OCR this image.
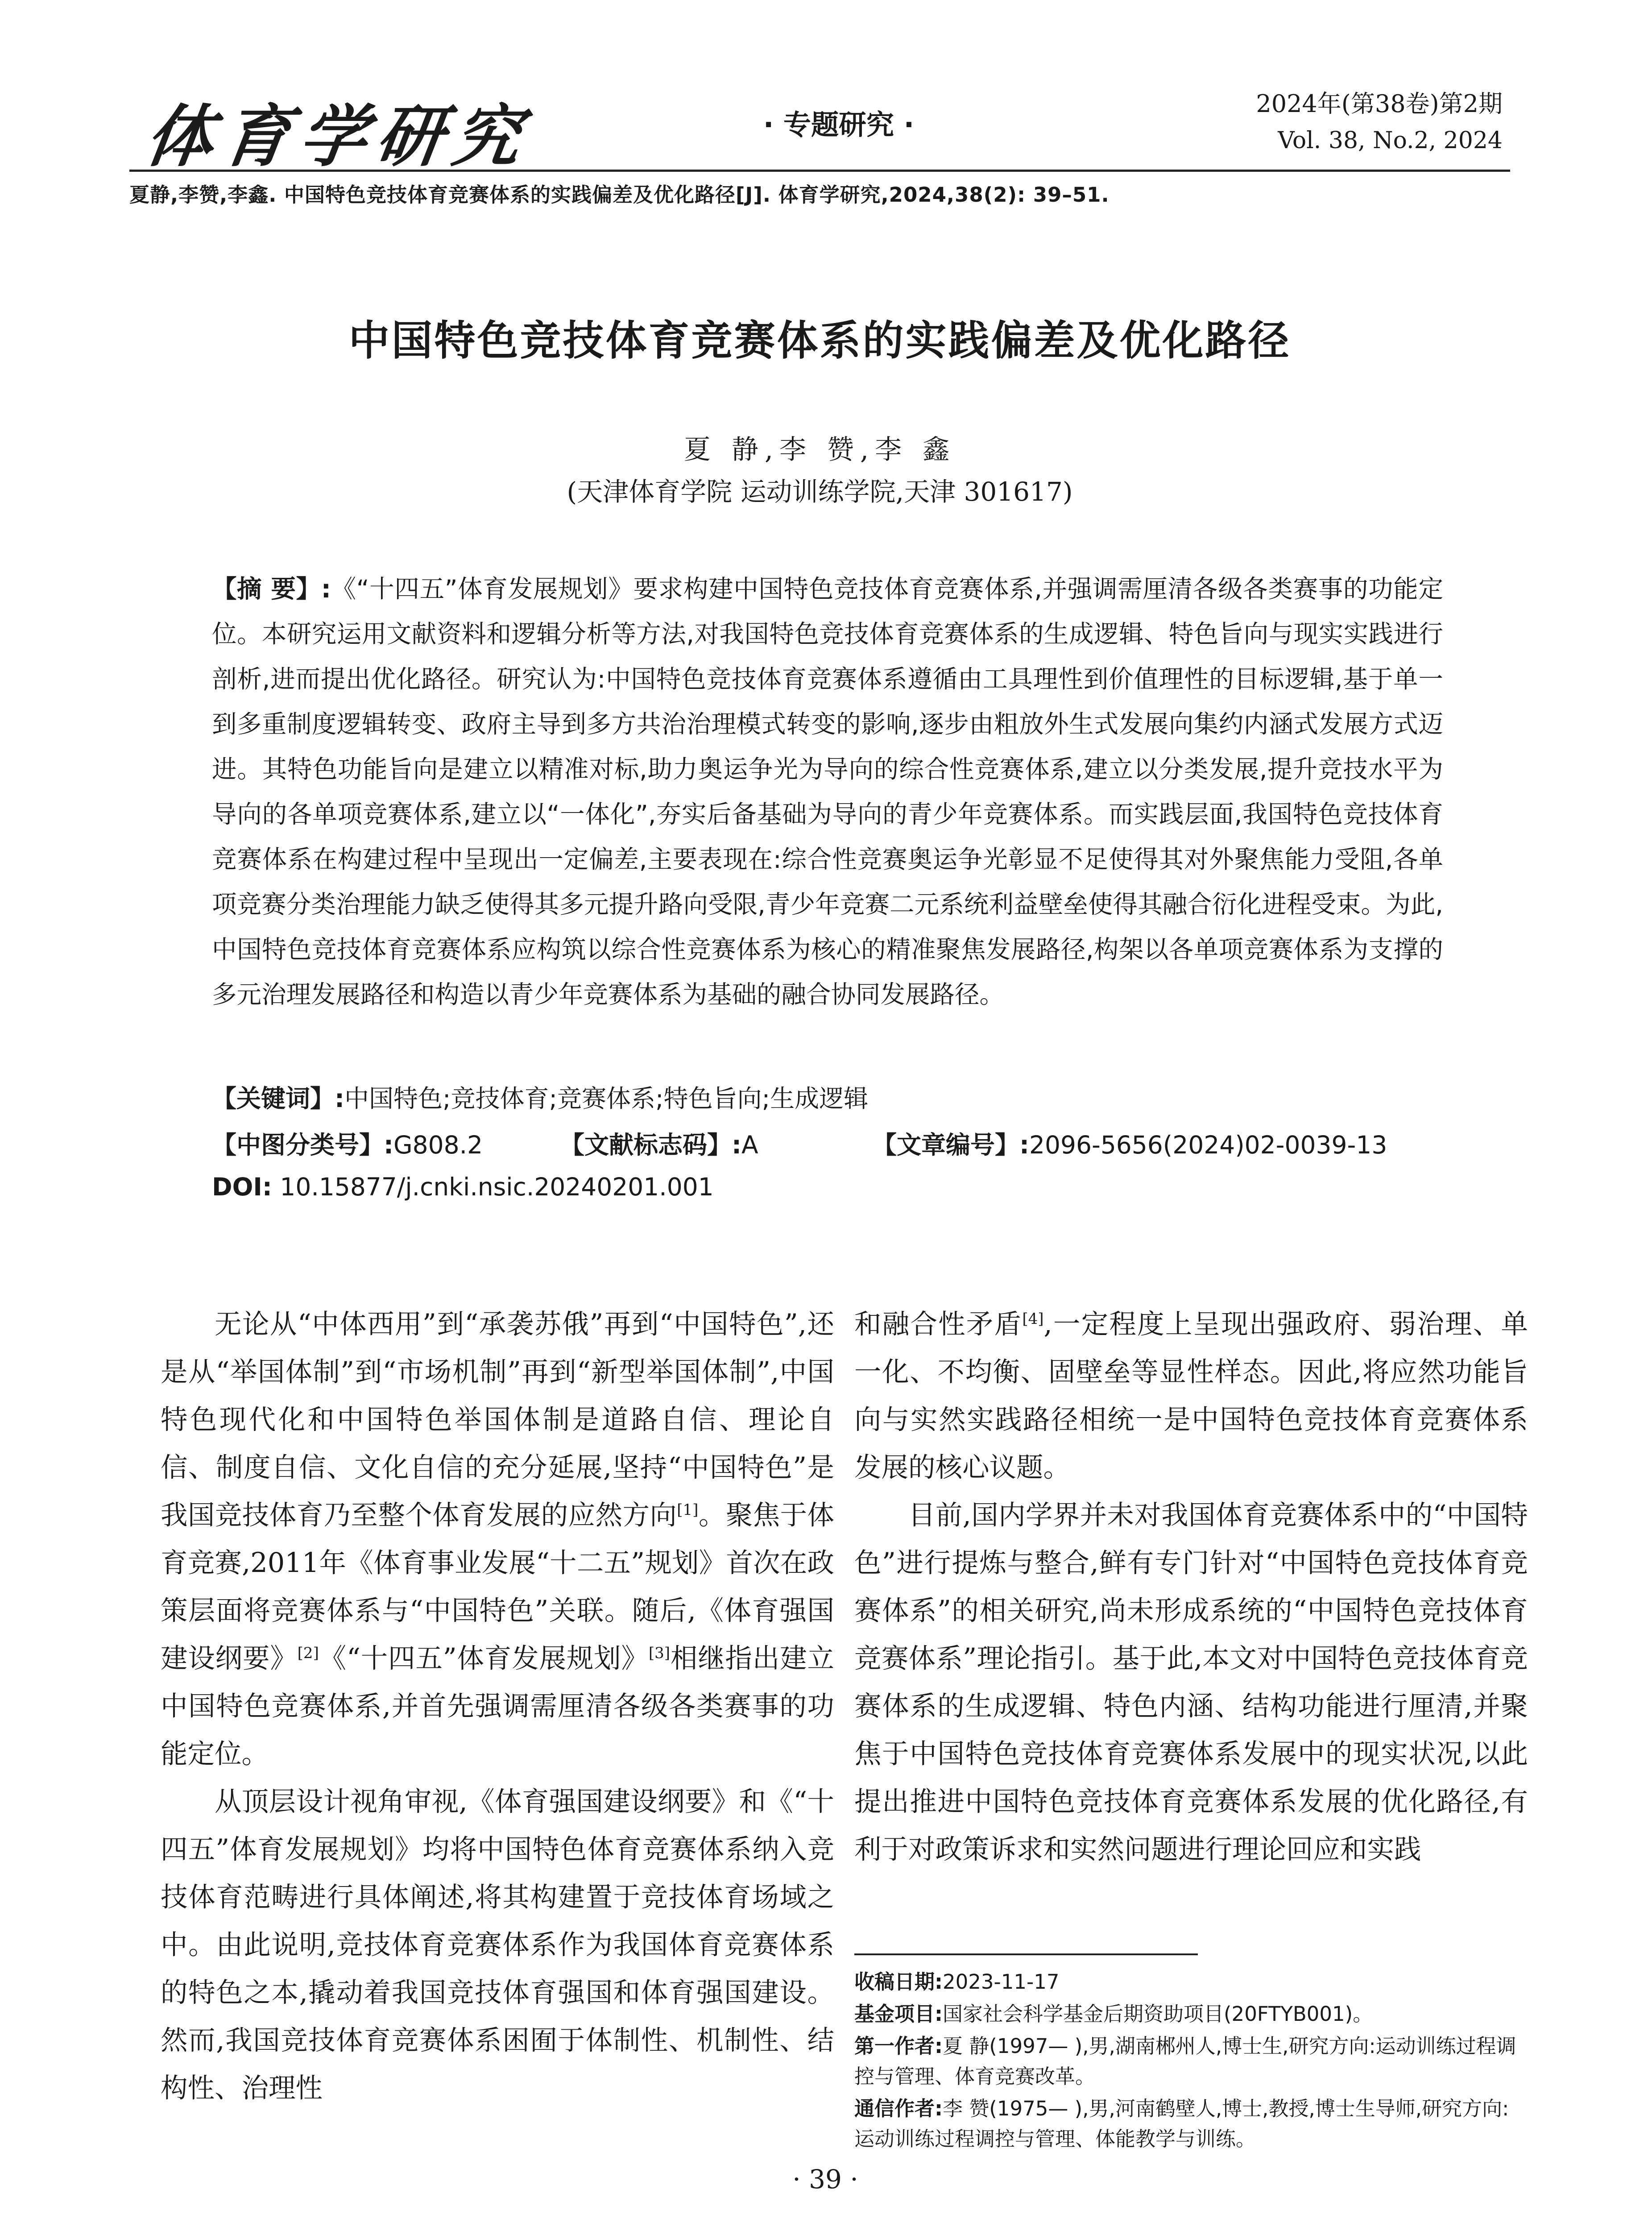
体育学研究	· 专题研究 ·
2024年(第38卷)第2期
Vol. 38, No.2, 2024
夏静,李赞,李鑫. 中国特色竞技体育竞赛体系的实践偏差及优化路径[J]. 体育学研究,2024,38(2): 39–51.
中国特色竞技体育竞赛体系的实践偏差及优化路径
夏 静,李 赞,李 鑫
(天津体育学院 运动训练学院,天津 301617)
【摘 要】:《“十四五”体育发展规划》要求构建中国特色竞技体育竞赛体系,并强调需厘清各级各类赛事的功能定位。本研究运用文献资料和逻辑分析等方法,对我国特色竞技体育竞赛体系的生成逻辑、特色旨向与现实实践进行剖析,进而提出优化路径。研究认为:中国特色竞技体育竞赛体系遵循由工具理性到价值理性的目标逻辑,基于单一到多重制度逻辑转变、政府主导到多方共治治理模式转变的影响,逐步由粗放外生式发展向集约内涵式发展方式迈进。其特色功能旨向是建立以精准对标,助力奥运争光为导向的综合性竞赛体系,建立以分类发展,提升竞技水平为导向的各单项竞赛体系,建立以“一体化”,夯实后备基础为导向的青少年竞赛体系。而实践层面,我国特色竞技体育竞赛体系在构建过程中呈现出一定偏差,主要表现在:综合性竞赛奥运争光彰显不足使得其对外聚焦能力受阻,各单项竞赛分类治理能力缺乏使得其多元提升路向受限,青少年竞赛二元系统利益壁垒使得其融合衍化进程受束。为此,中国特色竞技体育竞赛体系应构筑以综合性竞赛体系为核心的精准聚焦发展路径,构架以各单项竞赛体系为支撑的多元治理发展路径和构造以青少年竞赛体系为基础的融合协同发展路径。
【关键词】:中国特色;竞技体育;竞赛体系;特色旨向;生成逻辑
【中图分类号】:G808.2	【文献标志码】:A	【文章编号】:2096-5656(2024)02-0039-13
DOI: 10.15877/j.cnki.nsic.20240201.001

无论从“中体西用”到“承袭苏俄”再到“中国特色”,还是从“举国体制”到“市场机制”再到“新型举国体制”,中国特色现代化和中国特色举国体制是道路自信、理论自信、制度自信、文化自信的充分延展,坚持“中国特色”是我国竞技体育乃至整个体育发展的应然方向[1]。聚焦于体育竞赛,2011年《体育事业发展“十二五”规划》首次在政策层面将竞赛体系与“中国特色”关联。随后,《体育强国建设纲要》[2]《“十四五”体育发展规划》[3]相继指出建立中国特色竞赛体系,并首先强调需厘清各级各类赛事的功能定位。

从顶层设计视角审视,《体育强国建设纲要》和《“十四五”体育发展规划》均将中国特色体育竞赛体系纳入竞技体育范畴进行具体阐述,将其构建置于竞技体育场域之中。由此说明,竞技体育竞赛体系作为我国体育竞赛体系的特色之本,撬动着我国竞技体育强国和体育强国建设。然而,我国竞技体育竞赛体系困囿于体制性、机制性、结构性、治理性

和融合性矛盾[4],一定程度上呈现出强政府、弱治理、单一化、不均衡、固壁垒等显性样态。因此,将应然功能旨向与实然实践路径相统一是中国特色竞技体育竞赛体系发展的核心议题。

目前,国内学界并未对我国体育竞赛体系中的“中国特色”进行提炼与整合,鲜有专门针对“中国特色竞技体育竞赛体系”的相关研究,尚未形成系统的“中国特色竞技体育竞赛体系”理论指引。基于此,本文对中国特色竞技体育竞赛体系的生成逻辑、特色内涵、结构功能进行厘清,并聚焦于中国特色竞技体育竞赛体系发展中的现实状况,以此提出推进中国特色竞技体育竞赛体系发展的优化路径,有利于对政策诉求和实然问题进行理论回应和实践

收稿日期:2023-11-17
基金项目:国家社会科学基金后期资助项目(20FTYB001)。
第一作者:夏 静(1997— ),男,湖南郴州人,博士生,研究方向:运动训练过程调控与管理、体育竞赛改革。
通信作者:李 赞(1975— ),男,河南鹤壁人,博士,教授,博士生导师,研究方向:运动训练过程调控与管理、体能教学与训练。
· 39 ·
